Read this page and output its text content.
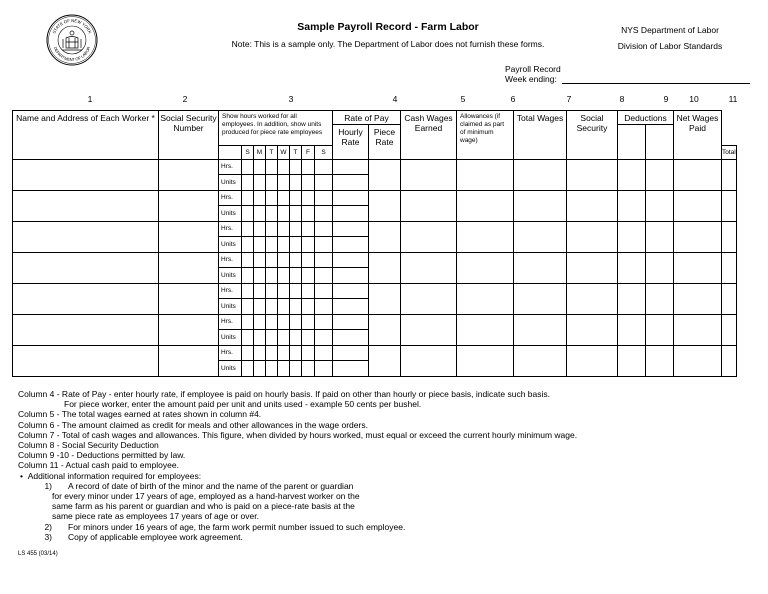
STATE OF NEW YORK
DEPARTMENT OF LABOR
Sample Payroll Record - Farm Labor
Note: This is a sample only. The Department of Labor does not furnish these forms.
NYS Department of Labor
Division of Labor Standards
Payroll Record
Week ending:
1	2	3	4	5	6	7	8	9	10	11
Name and Address of Each Worker *	Social Security Number	Show hours worked for all employees. In addition, show units produced for piece rate employees								Rate of Pay		Cash Wages Earned	Allowances (if claimed as part of minimum wage)	Total Wages	Social Security	Deductions		Net Wages Paid	
										Hourly Rate	Piece Rate								
			S	M	T	W	T	F	S										Total
		Hrs.																	
		Units																	
		Hrs.																	
		Units																	
		Hrs.																	
		Units																	
		Hrs.																	
		Units																	
		Hrs.																	
		Units																	
		Hrs.																	
		Units																	
		Hrs.																	
		Units																	
Column 4 - Rate of Pay - enter hourly rate, if employee is paid on hourly basis. If paid on other than hourly or piece basis, indicate such basis.
For piece worker, enter the amount paid per unit and units used - example 50 cents per bushel.
Column 5 - The total wages earned at rates shown in column #4.
Column 6 - The amount claimed as credit for meals and other allowances in the wage orders.
Column 7 - Total of cash wages and allowances. This figure, when divided by hours worked, must equal or exceed the current hourly minimum wage.
Column 8 - Social Security Deduction
Column 9 -10 - Deductions permitted by law.
Column 11 - Actual cash paid to employee.
• Additional information required for employees:
1) A record of date of birth of the minor and the name of the parent or guardian
for every minor under 17 years of age, employed as a hand-harvest worker on the
same farm as his parent or guardian and who is paid on a piece-rate basis at the
same piece rate as employees 17 years of age or over.
2) For minors under 16 years of age, the farm work permit number issued to such employee.
3) Copy of applicable employee work agreement.
LS 455 (03/14)
